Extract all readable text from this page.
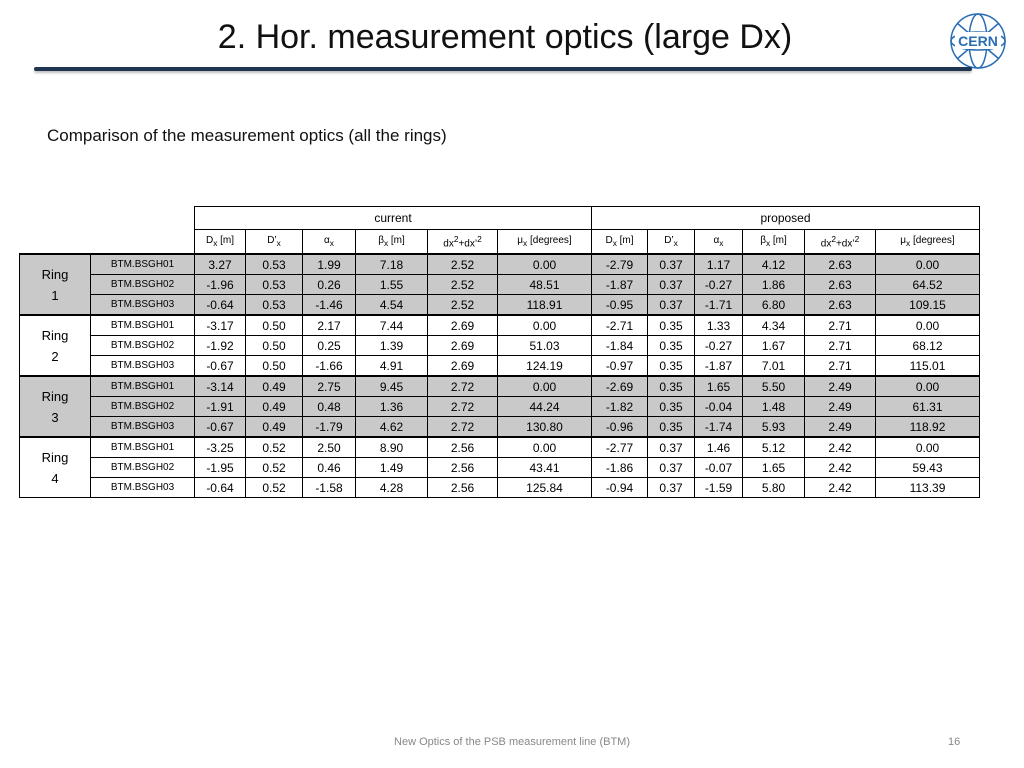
2. Hor. measurement optics (large Dx)	CERN
Comparison of the measurement optics (all the rings)
		current						proposed					
		$D_x$ [m]	$D’_x$	$\alpha_x$	$\beta_x$ [m]	$dx^2+dx’^2$	$\mu_x$ [degrees]	$D_x$ [m]	$D’_x$	$\alpha_x$	$\beta_x$ [m]	$dx^2+dx’^2$	$\mu_x$ [degrees]
Ring
1	BTM.BSGH01	3.27	0.53	1.99	7.18	2.52	0.00	-2.79	0.37	1.17	4.12	2.63	0.00
	BTM.BSGH02	-1.96	0.53	0.26	1.55	2.52	48.51	-1.87	0.37	-0.27	1.86	2.63	64.52
	BTM.BSGH03	-0.64	0.53	-1.46	4.54	2.52	118.91	-0.95	0.37	-1.71	6.80	2.63	109.15
Ring
2	BTM.BSGH01	-3.17	0.50	2.17	7.44	2.69	0.00	-2.71	0.35	1.33	4.34	2.71	0.00
	BTM.BSGH02	-1.92	0.50	0.25	1.39	2.69	51.03	-1.84	0.35	-0.27	1.67	2.71	68.12
	BTM.BSGH03	-0.67	0.50	-1.66	4.91	2.69	124.19	-0.97	0.35	-1.87	7.01	2.71	115.01
Ring
3	BTM.BSGH01	-3.14	0.49	2.75	9.45	2.72	0.00	-2.69	0.35	1.65	5.50	2.49	0.00
	BTM.BSGH02	-1.91	0.49	0.48	1.36	2.72	44.24	-1.82	0.35	-0.04	1.48	2.49	61.31
	BTM.BSGH03	-0.67	0.49	-1.79	4.62	2.72	130.80	-0.96	0.35	-1.74	5.93	2.49	118.92
Ring
4	BTM.BSGH01	-3.25	0.52	2.50	8.90	2.56	0.00	-2.77	0.37	1.46	5.12	2.42	0.00
	BTM.BSGH02	-1.95	0.52	0.46	1.49	2.56	43.41	-1.86	0.37	-0.07	1.65	2.42	59.43
	BTM.BSGH03	-0.64	0.52	-1.58	4.28	2.56	125.84	-0.94	0.37	-1.59	5.80	2.42	113.39
New Optics of the PSB measurement line (BTM)	16
